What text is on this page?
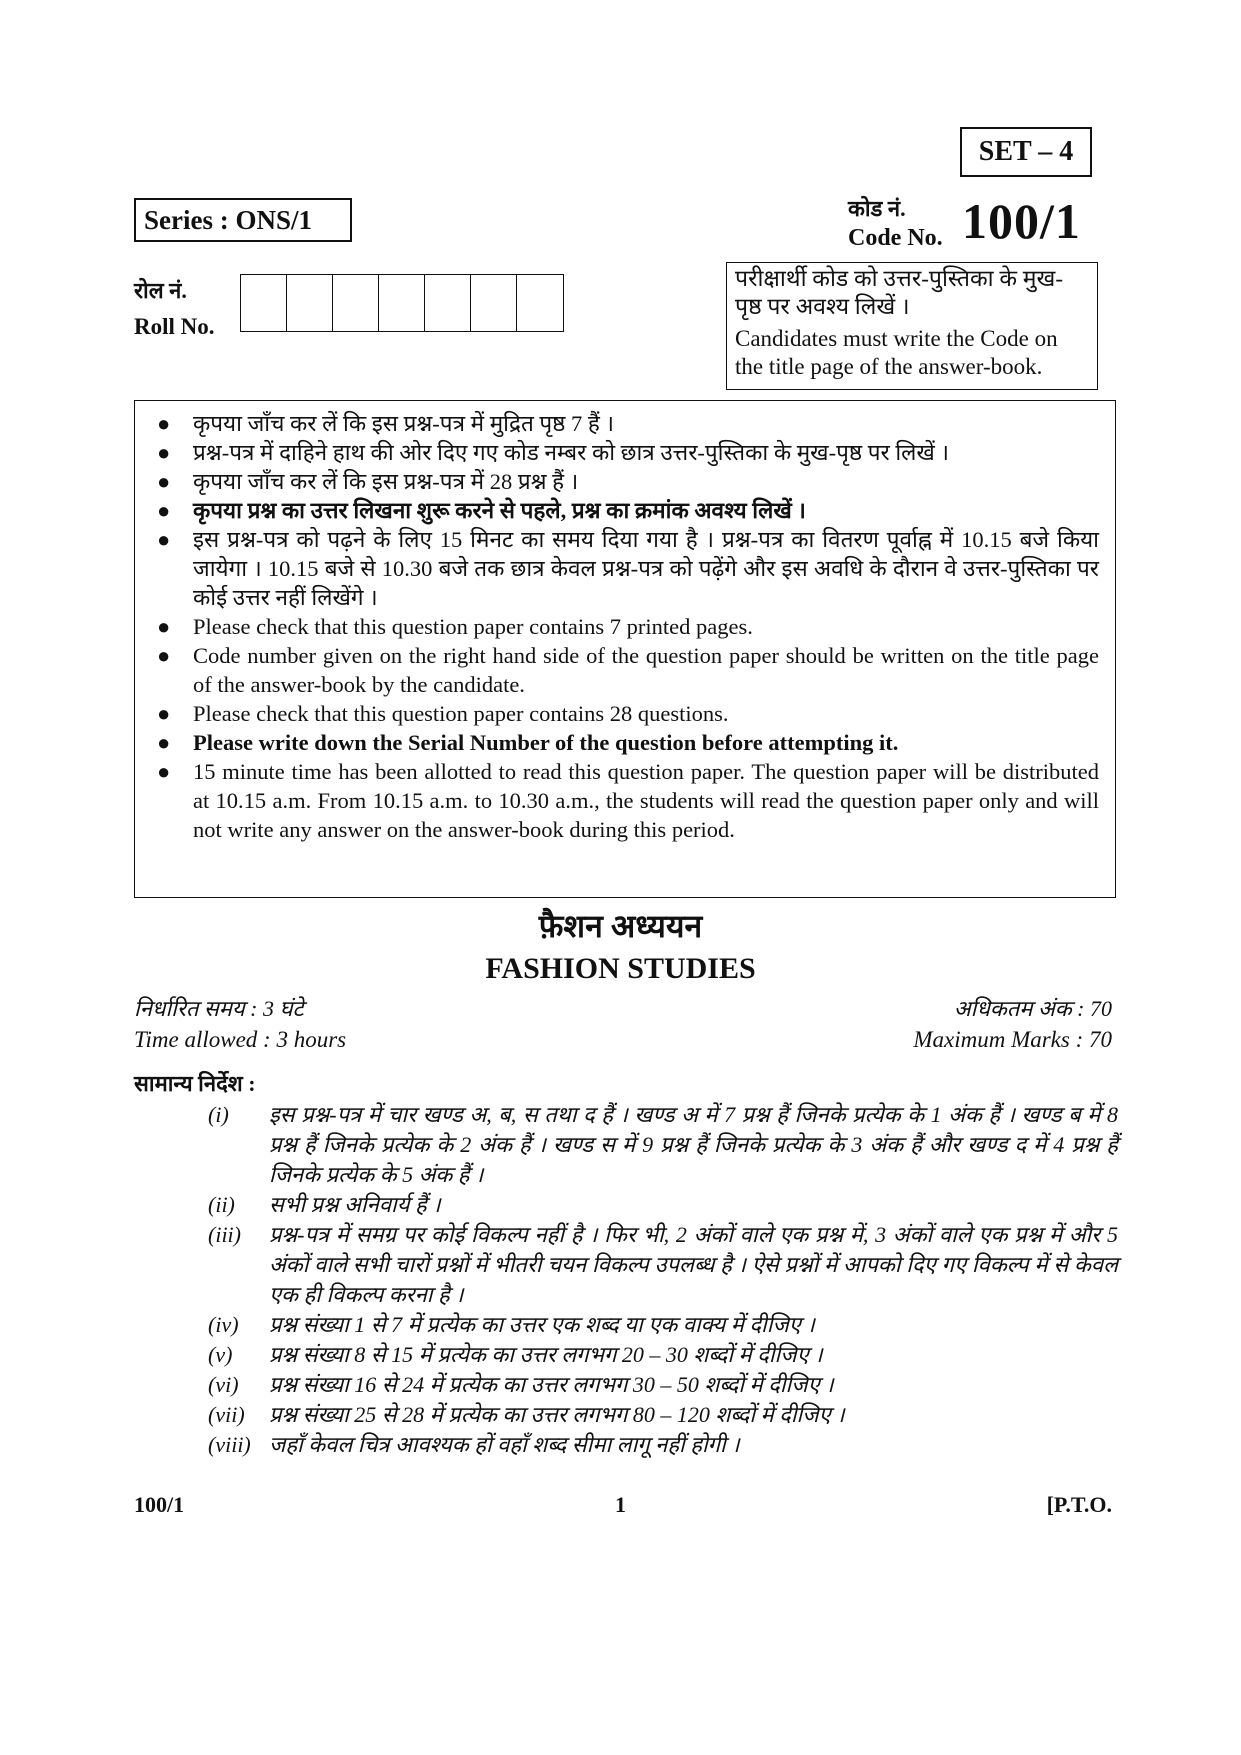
SET – 4
Series : ONS/1	कोड नं.
Code No. 100/1
रोल नं.
Roll No.
परीक्षार्थी कोड को उत्तर-पुस्तिका के मुख-पृष्ठ पर अवश्य लिखें ।
Candidates must write the Code on the title page of the answer-book.
● कृपया जाँच कर लें कि इस प्रश्न-पत्र में मुद्रित पृष्ठ 7 हैं ।
● प्रश्न-पत्र में दाहिने हाथ की ओर दिए गए कोड नम्बर को छात्र उत्तर-पुस्तिका के मुख-पृष्ठ पर लिखें ।
● कृपया जाँच कर लें कि इस प्रश्न-पत्र में 28 प्रश्न हैं ।
● कृपया प्रश्न का उत्तर लिखना शुरू करने से पहले, प्रश्न का क्रमांक अवश्य लिखें ।
● इस प्रश्न-पत्र को पढ़ने के लिए 15 मिनट का समय दिया गया है । प्रश्न-पत्र का वितरण पूर्वाह्न में 10.15 बजे किया जायेगा । 10.15 बजे से 10.30 बजे तक छात्र केवल प्रश्न-पत्र को पढ़ेंगे और इस अवधि के दौरान वे उत्तर-पुस्तिका पर कोई उत्तर नहीं लिखेंगे ।
● Please check that this question paper contains 7 printed pages.
● Code number given on the right hand side of the question paper should be written on the title page of the answer-book by the candidate.
● Please check that this question paper contains 28 questions.
● Please write down the Serial Number of the question before attempting it.
● 15 minute time has been allotted to read this question paper. The question paper will be distributed at 10.15 a.m. From 10.15 a.m. to 10.30 a.m., the students will read the question paper only and will not write any answer on the answer-book during this period.
फ़ैशन अध्ययन
FASHION STUDIES
निर्धारित समय : 3 घंटे
Time allowed : 3 hours
अधिकतम अंक : 70
Maximum Marks : 70
सामान्य निर्देश :
(i)	इस प्रश्न-पत्र में चार खण्ड अ, ब, स तथा द हैं । खण्ड अ में 7 प्रश्न हैं जिनके प्रत्येक के 1 अंक हैं । खण्ड ब में 8 प्रश्न हैं जिनके प्रत्येक के 2 अंक हैं । खण्ड स में 9 प्रश्न हैं जिनके प्रत्येक के 3 अंक हैं और खण्ड द में 4 प्रश्न हैं जिनके प्रत्येक के 5 अंक हैं ।
(ii)	सभी प्रश्न अनिवार्य हैं ।
(iii)	प्रश्न-पत्र में समग्र पर कोई विकल्प नहीं है । फिर भी, 2 अंकों वाले एक प्रश्न में, 3 अंकों वाले एक प्रश्न में और 5 अंकों वाले सभी चारों प्रश्नों में भीतरी चयन विकल्प उपलब्ध है । ऐसे प्रश्नों में आपको दिए गए विकल्प में से केवल एक ही विकल्प करना है ।
(iv)	प्रश्न संख्या 1 से 7 में प्रत्येक का उत्तर एक शब्द या एक वाक्य में दीजिए ।
(v)	प्रश्न संख्या 8 से 15 में प्रत्येक का उत्तर लगभग 20 – 30 शब्दों में दीजिए ।
(vi)	प्रश्न संख्या 16 से 24 में प्रत्येक का उत्तर लगभग 30 – 50 शब्दों में दीजिए ।
(vii)	प्रश्न संख्या 25 से 28 में प्रत्येक का उत्तर लगभग 80 – 120 शब्दों में दीजिए ।
(viii) जहाँ केवल चित्र आवश्यक हों वहाँ शब्द सीमा लागू नहीं होगी ।
100/1	1	[P.T.O.
